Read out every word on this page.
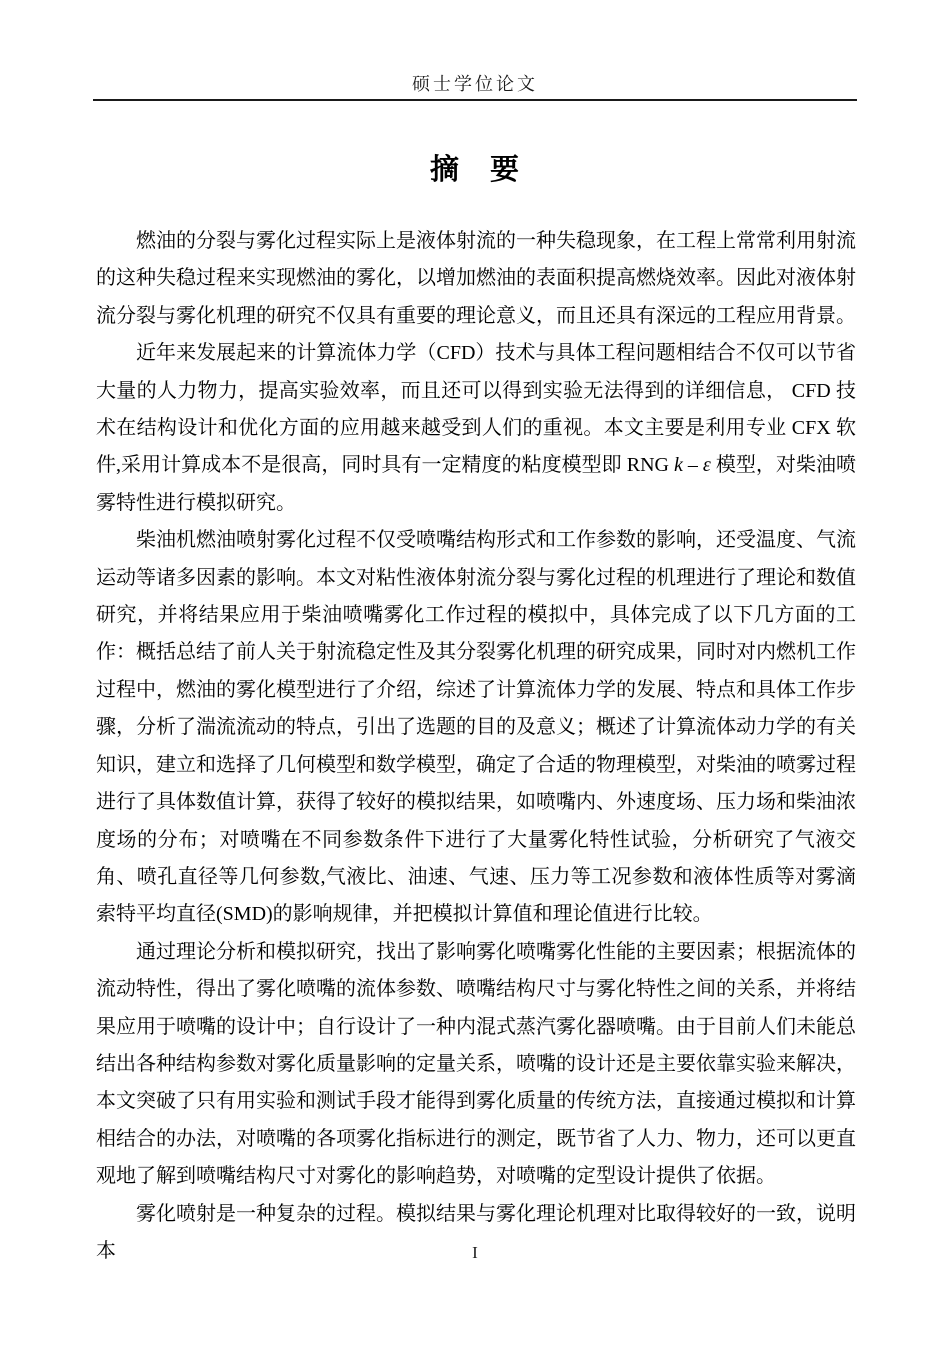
硕士学位论文
摘　要

燃油的分裂与雾化过程实际上是液体射流的一种失稳现象，在工程上常常利用射流的这种失稳过程来实现燃油的雾化，以增加燃油的表面积提高燃烧效率。因此对液体射流分裂与雾化机理的研究不仅具有重要的理论意义，而且还具有深远的工程应用背景。

近年来发展起来的计算流体力学（CFD）技术与具体工程问题相结合不仅可以节省大量的人力物力，提高实验效率，而且还可以得到实验无法得到的详细信息， CFD 技术在结构设计和优化方面的应用越来越受到人们的重视。本文主要是利用专业 CFX 软件,采用计算成本不是很高，同时具有一定精度的粘度模型即 RNG k – ε 模型，对柴油喷雾特性进行模拟研究。

柴油机燃油喷射雾化过程不仅受喷嘴结构形式和工作参数的影响，还受温度、气流运动等诸多因素的影响。本文对粘性液体射流分裂与雾化过程的机理进行了理论和数值研究，并将结果应用于柴油喷嘴雾化工作过程的模拟中，具体完成了以下几方面的工作：概括总结了前人关于射流稳定性及其分裂雾化机理的研究成果，同时对内燃机工作过程中，燃油的雾化模型进行了介绍，综述了计算流体力学的发展、特点和具体工作步骤，分析了湍流流动的特点，引出了选题的目的及意义；概述了计算流体动力学的有关知识，建立和选择了几何模型和数学模型，确定了合适的物理模型，对柴油的喷雾过程进行了具体数值计算，获得了较好的模拟结果，如喷嘴内、外速度场、压力场和柴油浓度场的分布；对喷嘴在不同参数条件下进行了大量雾化特性试验，分析研究了气液交角、喷孔直径等几何参数,气液比、油速、气速、压力等工况参数和液体性质等对雾滴索特平均直径(SMD)的影响规律，并把模拟计算值和理论值进行比较。

通过理论分析和模拟研究，找出了影响雾化喷嘴雾化性能的主要因素；根据流体的流动特性，得出了雾化喷嘴的流体参数、喷嘴结构尺寸与雾化特性之间的关系，并将结果应用于喷嘴的设计中；自行设计了一种内混式蒸汽雾化器喷嘴。由于目前人们未能总结出各种结构参数对雾化质量影响的定量关系，喷嘴的设计还是主要依靠实验来解决，本文突破了只有用实验和测试手段才能得到雾化质量的传统方法，直接通过模拟和计算相结合的办法，对喷嘴的各项雾化指标进行的测定，既节省了人力、物力，还可以更直观地了解到喷嘴结构尺寸对雾化的影响趋势，对喷嘴的定型设计提供了依据。

雾化喷射是一种复杂的过程。模拟结果与雾化理论机理对比取得较好的一致，说明本	I
